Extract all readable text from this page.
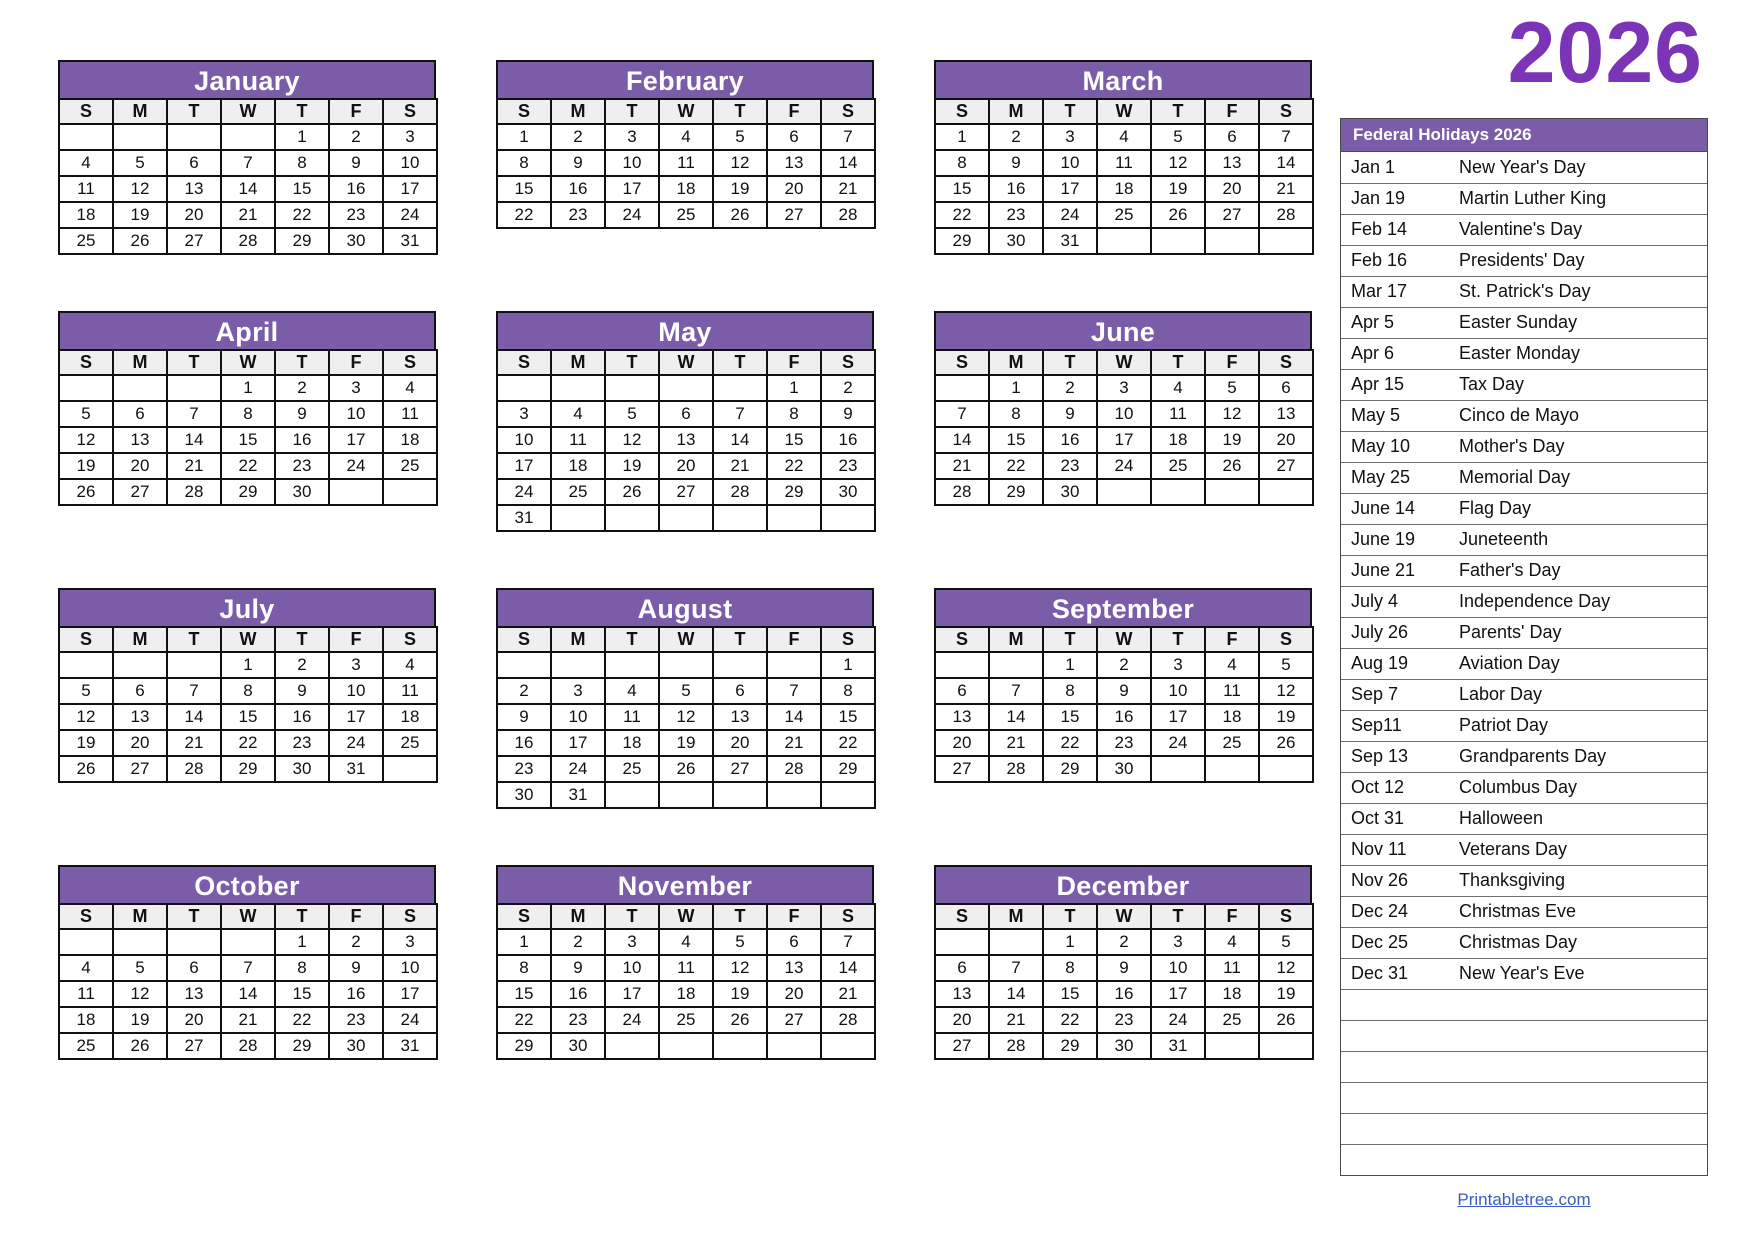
2026
January
S	M	T	W	T	F	S
				1	2	3
4	5	6	7	8	9	10
11	12	13	14	15	16	17
18	19	20	21	22	23	24
25	26	27	28	29	30	31
February
S	M	T	W	T	F	S
1	2	3	4	5	6	7
8	9	10	11	12	13	14
15	16	17	18	19	20	21
22	23	24	25	26	27	28
March
S	M	T	W	T	F	S
1	2	3	4	5	6	7
8	9	10	11	12	13	14
15	16	17	18	19	20	21
22	23	24	25	26	27	28
29	30	31				
April
S	M	T	W	T	F	S
			1	2	3	4
5	6	7	8	9	10	11
12	13	14	15	16	17	18
19	20	21	22	23	24	25
26	27	28	29	30		
May
S	M	T	W	T	F	S
					1	2
3	4	5	6	7	8	9
10	11	12	13	14	15	16
17	18	19	20	21	22	23
24	25	26	27	28	29	30
31						
June
S	M	T	W	T	F	S
	1	2	3	4	5	6
7	8	9	10	11	12	13
14	15	16	17	18	19	20
21	22	23	24	25	26	27
28	29	30				
July
S	M	T	W	T	F	S
			1	2	3	4
5	6	7	8	9	10	11
12	13	14	15	16	17	18
19	20	21	22	23	24	25
26	27	28	29	30	31	
August
S	M	T	W	T	F	S
						1
2	3	4	5	6	7	8
9	10	11	12	13	14	15
16	17	18	19	20	21	22
23	24	25	26	27	28	29
30	31					
September
S	M	T	W	T	F	S
		1	2	3	4	5
6	7	8	9	10	11	12
13	14	15	16	17	18	19
20	21	22	23	24	25	26
27	28	29	30			
October
S	M	T	W	T	F	S
				1	2	3
4	5	6	7	8	9	10
11	12	13	14	15	16	17
18	19	20	21	22	23	24
25	26	27	28	29	30	31
November
S	M	T	W	T	F	S
1	2	3	4	5	6	7
8	9	10	11	12	13	14
15	16	17	18	19	20	21
22	23	24	25	26	27	28
29	30					
December
S	M	T	W	T	F	S
		1	2	3	4	5
6	7	8	9	10	11	12
13	14	15	16	17	18	19
20	21	22	23	24	25	26
27	28	29	30	31		
Federal Holidays 2026
Jan 1	New Year's Day
Jan 19	Martin Luther King
Feb 14	Valentine's Day
Feb 16	Presidents' Day
Mar 17	St. Patrick's Day
Apr 5	Easter Sunday
Apr 6	Easter Monday
Apr 15	Tax Day
May 5	Cinco de Mayo
May 10	Mother's Day
May 25	Memorial Day
June 14	Flag Day
June 19	Juneteenth
June 21	Father's Day
July 4	Independence Day
July 26	Parents' Day
Aug 19	Aviation Day
Sep 7	Labor Day
Sep11	Patriot Day
Sep 13	Grandparents Day
Oct 12	Columbus Day
Oct 31	Halloween
Nov 11	Veterans Day
Nov 26	Thanksgiving
Dec 24	Christmas Eve
Dec 25	Christmas Day
Dec 31	New Year's Eve

Printabletree.com
